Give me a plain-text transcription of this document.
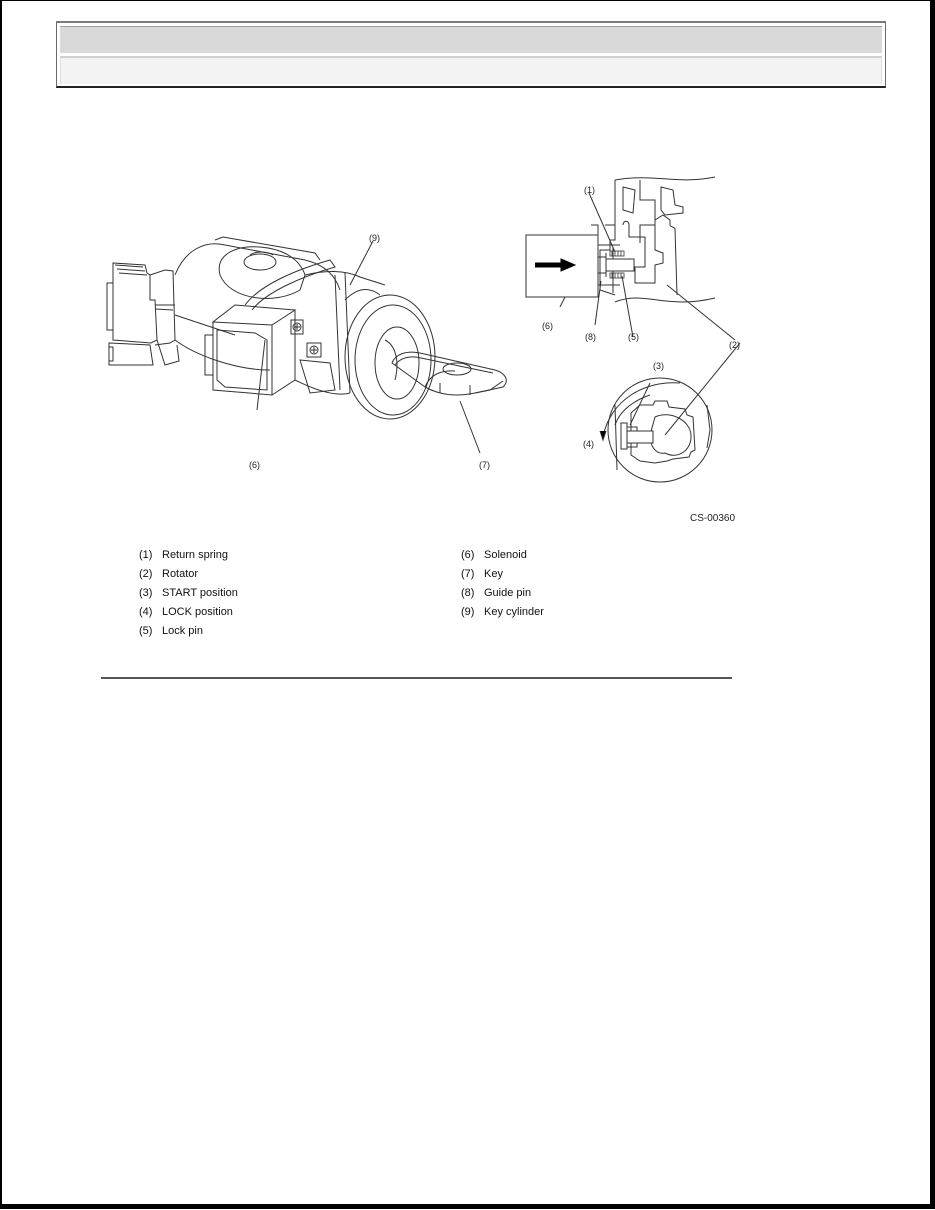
(9)
(6)	(7)
(1)
(6)
(8)	(5)
(2)
(3)
(4)
CS-00360
(1) Return spring
(2) Rotator
(3) START position
(4) LOCK position
(5) Lock pin
(6) Solenoid
(7) Key
(8) Guide pin
(9) Key cylinder
